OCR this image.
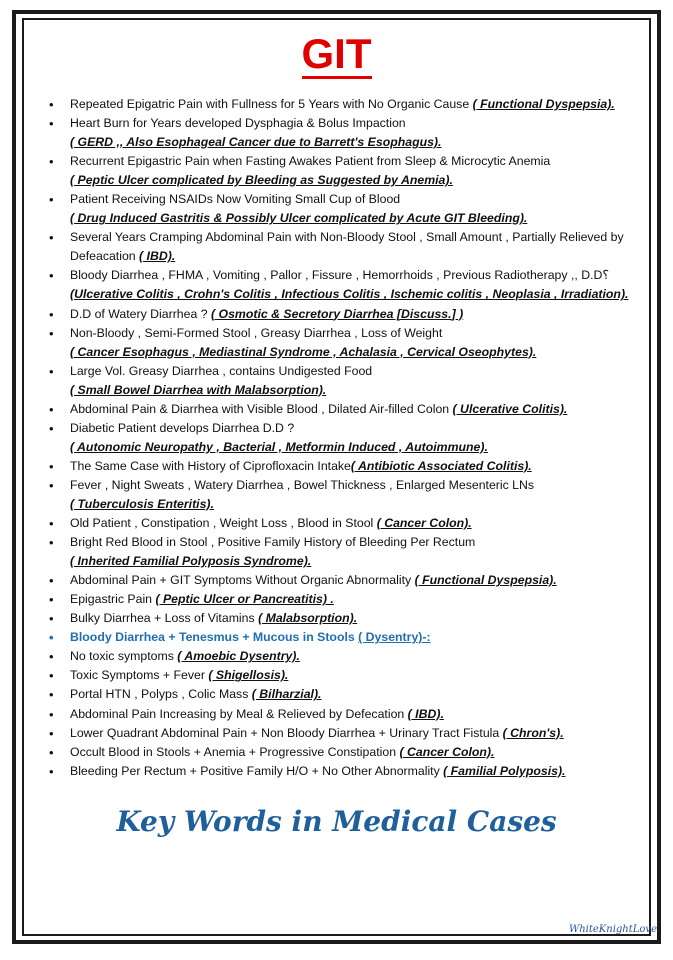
GIT
• Repeated Epigatric Pain with Fullness for 5 Years with No Organic Cause ( Functional Dyspepsia).
• Heart Burn for Years developed Dysphagia & Bolus Impaction
( GERD ,, Also Esophageal Cancer due to Barrett's Esophagus).
• Recurrent Epigastric Pain when Fasting Awakes Patient from Sleep & Microcytic Anemia
( Peptic Ulcer complicated by Bleeding as Suggested by Anemia).
• Patient Receiving NSAIDs Now Vomiting Small Cup of Blood
( Drug Induced Gastritis & Possibly Ulcer complicated by Acute GIT Bleeding).
• Several Years Cramping Abdominal Pain with Non-Bloody Stool , Small Amount , Partially Relieved by Defeacation ( IBD).
• Bloody Diarrhea , FHMA , Vomiting , Pallor , Fissure , Hemorrhoids , Previous Radiotherapy ,, D.D؟
(Ulcerative Colitis , Crohn's Colitis , Infectious Colitis , Ischemic colitis , Neoplasia , Irradiation).
• D.D of Watery Diarrhea ? ( Osmotic & Secretory Diarrhea [Discuss.] )
• Non-Bloody , Semi-Formed Stool , Greasy Diarrhea , Loss of Weight
( Cancer Esophagus , Mediastinal Syndrome , Achalasia , Cervical Oseophytes).
• Large Vol. Greasy Diarrhea , contains Undigested Food
( Small Bowel Diarrhea with Malabsorption).
• Abdominal Pain & Diarrhea with Visible Blood , Dilated Air-filled Colon ( Ulcerative Colitis).
• Diabetic Patient develops Diarrhea D.D ?
( Autonomic Neuropathy , Bacterial , Metformin Induced , Autoimmune).
• The Same Case with History of Ciprofloxacin Intake( Antibiotic Associated Colitis).
• Fever , Night Sweats , Watery Diarrhea , Bowel Thickness , Enlarged Mesenteric LNs
( Tuberculosis Enteritis).
• Old Patient , Constipation , Weight Loss , Blood in Stool ( Cancer Colon).
• Bright Red Blood in Stool , Positive Family History of Bleeding Per Rectum
( Inherited Familial Polyposis Syndrome).
• Abdominal Pain + GIT Symptoms Without Organic Abnormality ( Functional Dyspepsia).
• Epigastric Pain ( Peptic Ulcer or Pancreatitis) .
• Bulky Diarrhea + Loss of Vitamins ( Malabsorption).
• Bloody Diarrhea + Tenesmus + Mucous in Stools ( Dysentry)-:
• No toxic symptoms ( Amoebic Dysentry).
• Toxic Symptoms + Fever ( Shigellosis).
• Portal HTN , Polyps , Colic Mass ( Bilharzial).
• Abdominal Pain Increasing by Meal & Relieved by Defecation ( IBD).
• Lower Quadrant Abdominal Pain + Non Bloody Diarrhea + Urinary Tract Fistula ( Chron's).
• Occult Blood in Stools + Anemia + Progressive Constipation ( Cancer Colon).
• Bleeding Per Rectum + Positive Family H/O + No Other Abnormality ( Familial Polyposis).
Key Words in Medical Cases
WhiteKnightLove
